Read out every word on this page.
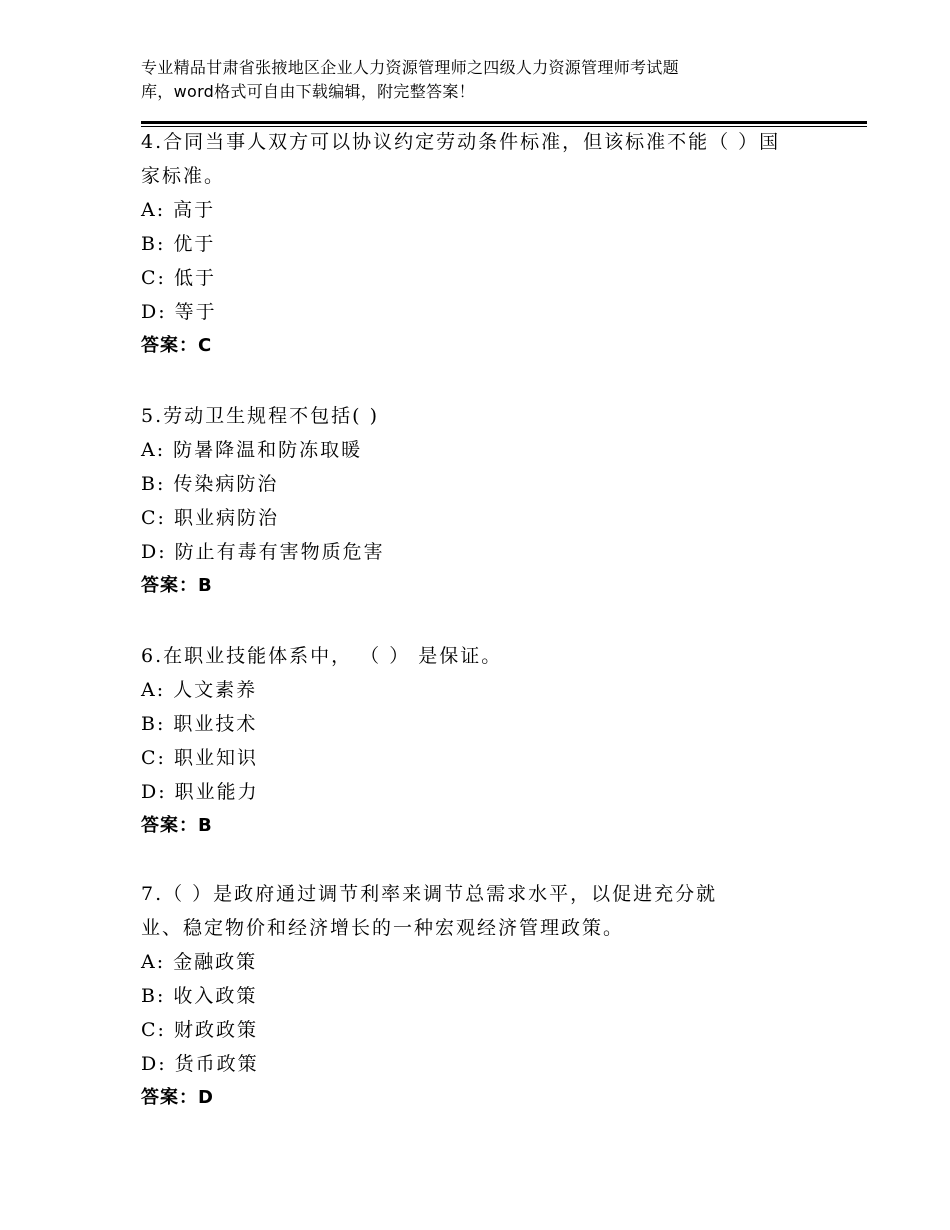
专业精品甘肃省张掖地区企业人力资源管理师之四级人力资源管理师考试题
库，word格式可自由下载编辑，附完整答案！
4.合同当事人双方可以协议约定劳动条件标准，但该标准不能（ ）国
家标准。
A: 高于
B: 优于
C: 低于
D: 等于
答案：C
5.劳动卫生规程不包括( )
A: 防暑降温和防冻取暖
B: 传染病防治
C: 职业病防治
D: 防止有毒有害物质危害
答案：B
6.在职业技能体系中， （ ） 是保证。
A: 人文素养
B: 职业技术
C: 职业知识
D: 职业能力
答案：B
7.（ ）是政府通过调节利率来调节总需求水平，以促进充分就
业、稳定物价和经济增长的一种宏观经济管理政策。
A: 金融政策
B: 收入政策
C: 财政政策
D: 货币政策
答案：D
